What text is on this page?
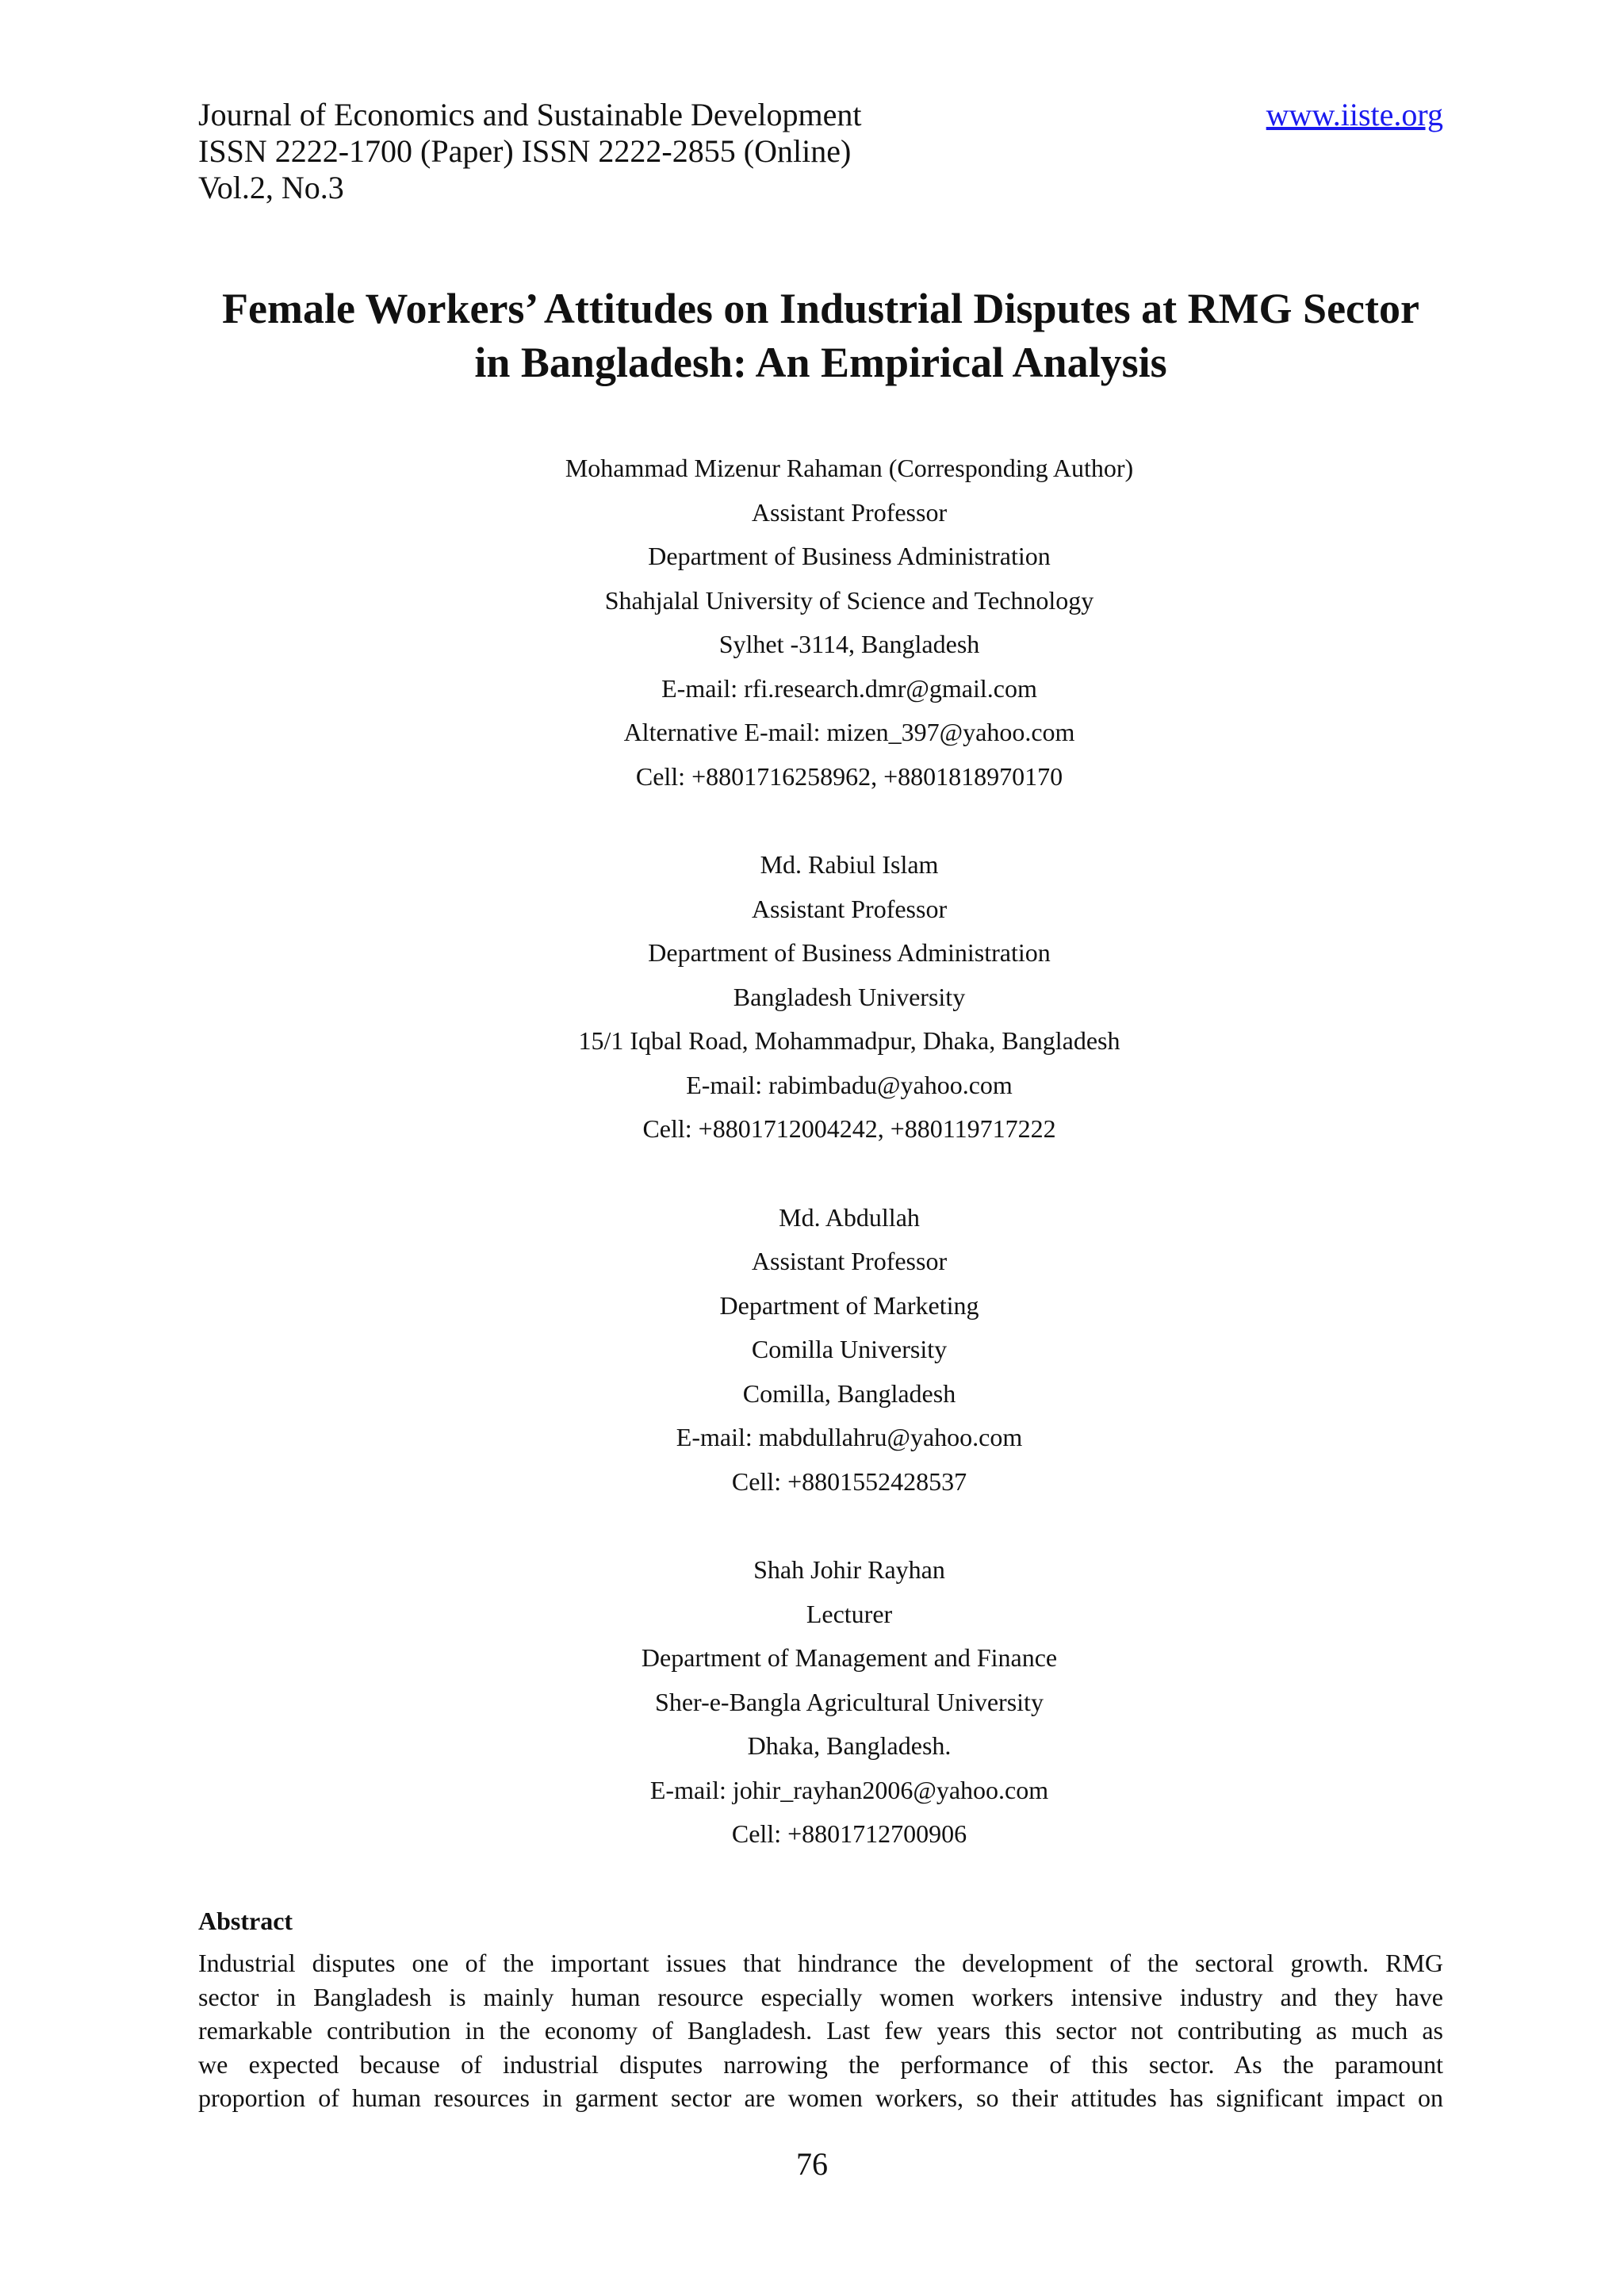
Journal of Economics and Sustainable Development
ISSN 2222-1700 (Paper) ISSN 2222-2855 (Online)
Vol.2, No.3
www.iiste.org
Female Workers’ Attitudes on Industrial Disputes at RMG Sector
in Bangladesh: An Empirical Analysis
Mohammad Mizenur Rahaman (Corresponding Author)
Assistant Professor
Department of Business Administration
Shahjalal University of Science and Technology
Sylhet -3114, Bangladesh
E-mail: rfi.research.dmr@gmail.com
Alternative E-mail: mizen_397@yahoo.com
Cell: +8801716258962, +8801818970170
Md. Rabiul Islam
Assistant Professor
Department of Business Administration
Bangladesh University
15/1 Iqbal Road, Mohammadpur, Dhaka, Bangladesh
E-mail: rabimbadu@yahoo.com
Cell: +8801712004242, +880119717222
Md. Abdullah
Assistant Professor
Department of Marketing
Comilla University
Comilla, Bangladesh
E-mail: mabdullahru@yahoo.com
Cell: +8801552428537
Shah Johir Rayhan
Lecturer
Department of Management and Finance
Sher-e-Bangla Agricultural University
Dhaka, Bangladesh.
E-mail: johir_rayhan2006@yahoo.com
Cell: +8801712700906
Abstract
Industrial disputes one of the important issues that hindrance the development of the sectoral growth. RMG
sector in Bangladesh is mainly human resource especially women workers intensive industry and they have
remarkable contribution in the economy of Bangladesh. Last few years this sector not contributing as much as
we expected because of industrial disputes narrowing the performance of this sector. As the paramount
proportion of human resources in garment sector are women workers, so their attitudes has significant impact on
76
